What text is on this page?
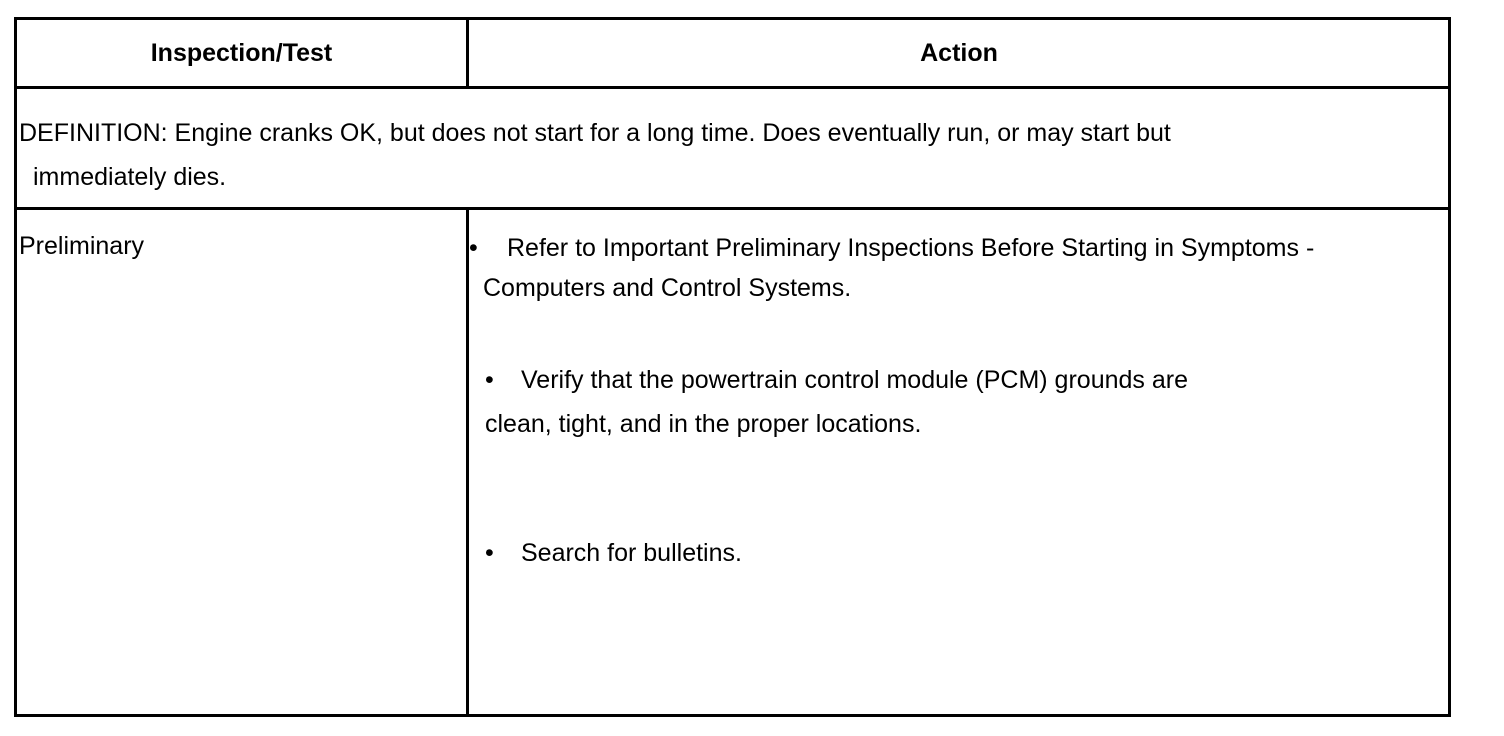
Inspection/Test	Action
DEFINITION: Engine cranks OK, but does not start for a long time. Does eventually run, or may start but
immediately dies.
Preliminary	• Refer to Important Preliminary Inspections Before Starting in Symptoms -
Computers and Control Systems.
• Verify that the powertrain control module (PCM) grounds are
clean, tight, and in the proper locations.
• Search for bulletins.
